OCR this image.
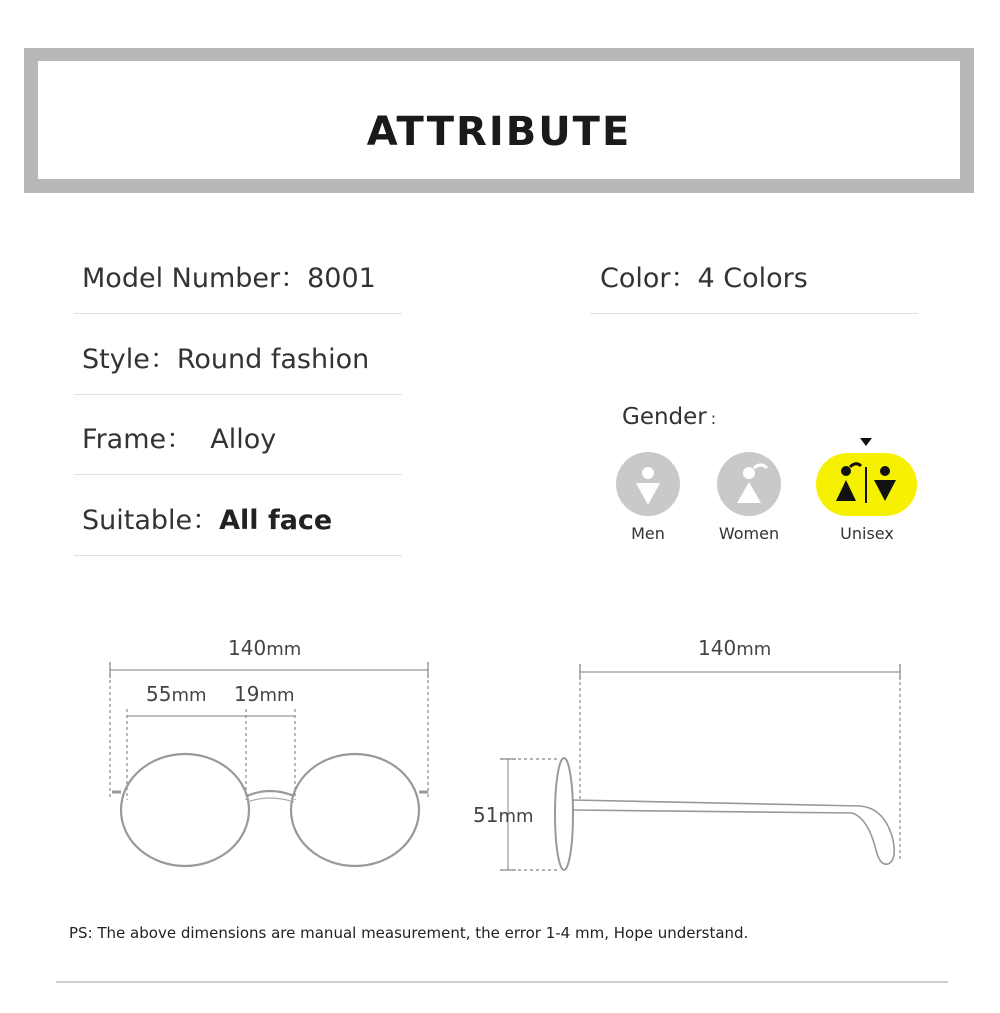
ATTRIBUTE
Model Number：8001
Style：Round fashion
Frame：  Alloy
Suitable：All face
Color：4 Colors
Gender :
Men	Women	Unisex
140mm
55mm 19mm
140mm
51mm
PS: The above dimensions are manual measurement, the error 1-4 mm, Hope understand.
